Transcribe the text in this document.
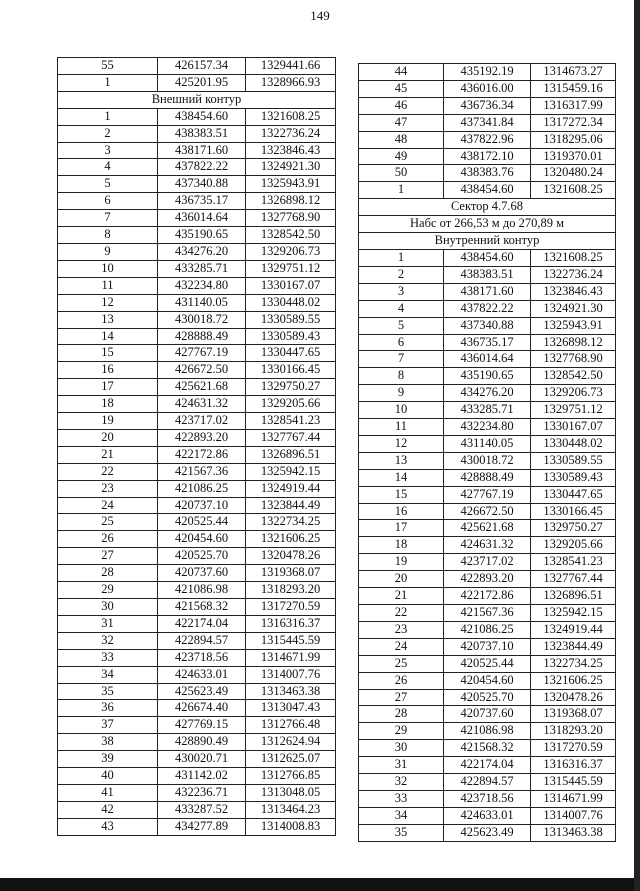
149
55	426157.34	1329441.66
1	425201.95	1328966.93
Внешний контур		
1	438454.60	1321608.25
2	438383.51	1322736.24
3	438171.60	1323846.43
4	437822.22	1324921.30
5	437340.88	1325943.91
6	436735.17	1326898.12
7	436014.64	1327768.90
8	435190.65	1328542.50
9	434276.20	1329206.73
10	433285.71	1329751.12
11	432234.80	1330167.07
12	431140.05	1330448.02
13	430018.72	1330589.55
14	428888.49	1330589.43
15	427767.19	1330447.65
16	426672.50	1330166.45
17	425621.68	1329750.27
18	424631.32	1329205.66
19	423717.02	1328541.23
20	422893.20	1327767.44
21	422172.86	1326896.51
22	421567.36	1325942.15
23	421086.25	1324919.44
24	420737.10	1323844.49
25	420525.44	1322734.25
26	420454.60	1321606.25
27	420525.70	1320478.26
28	420737.60	1319368.07
29	421086.98	1318293.20
30	421568.32	1317270.59
31	422174.04	1316316.37
32	422894.57	1315445.59
33	423718.56	1314671.99
34	424633.01	1314007.76
35	425623.49	1313463.38
36	426674.40	1313047.43
37	427769.15	1312766.48
38	428890.49	1312624.94
39	430020.71	1312625.07
40	431142.02	1312766.85
41	432236.71	1313048.05
42	433287.52	1313464.23
43	434277.89	1314008.83
44	435192.19	1314673.27
45	436016.00	1315459.16
46	436736.34	1316317.99
47	437341.84	1317272.34
48	437822.96	1318295.06
49	438172.10	1319370.01
50	438383.76	1320480.24
1	438454.60	1321608.25
Сектор 4.7.68		
Набс от 266,53 м до 270,89 м		
Внутренний контур		
1	438454.60	1321608.25
2	438383.51	1322736.24
3	438171.60	1323846.43
4	437822.22	1324921.30
5	437340.88	1325943.91
6	436735.17	1326898.12
7	436014.64	1327768.90
8	435190.65	1328542.50
9	434276.20	1329206.73
10	433285.71	1329751.12
11	432234.80	1330167.07
12	431140.05	1330448.02
13	430018.72	1330589.55
14	428888.49	1330589.43
15	427767.19	1330447.65
16	426672.50	1330166.45
17	425621.68	1329750.27
18	424631.32	1329205.66
19	423717.02	1328541.23
20	422893.20	1327767.44
21	422172.86	1326896.51
22	421567.36	1325942.15
23	421086.25	1324919.44
24	420737.10	1323844.49
25	420525.44	1322734.25
26	420454.60	1321606.25
27	420525.70	1320478.26
28	420737.60	1319368.07
29	421086.98	1318293.20
30	421568.32	1317270.59
31	422174.04	1316316.37
32	422894.57	1315445.59
33	423718.56	1314671.99
34	424633.01	1314007.76
35	425623.49	1313463.38
